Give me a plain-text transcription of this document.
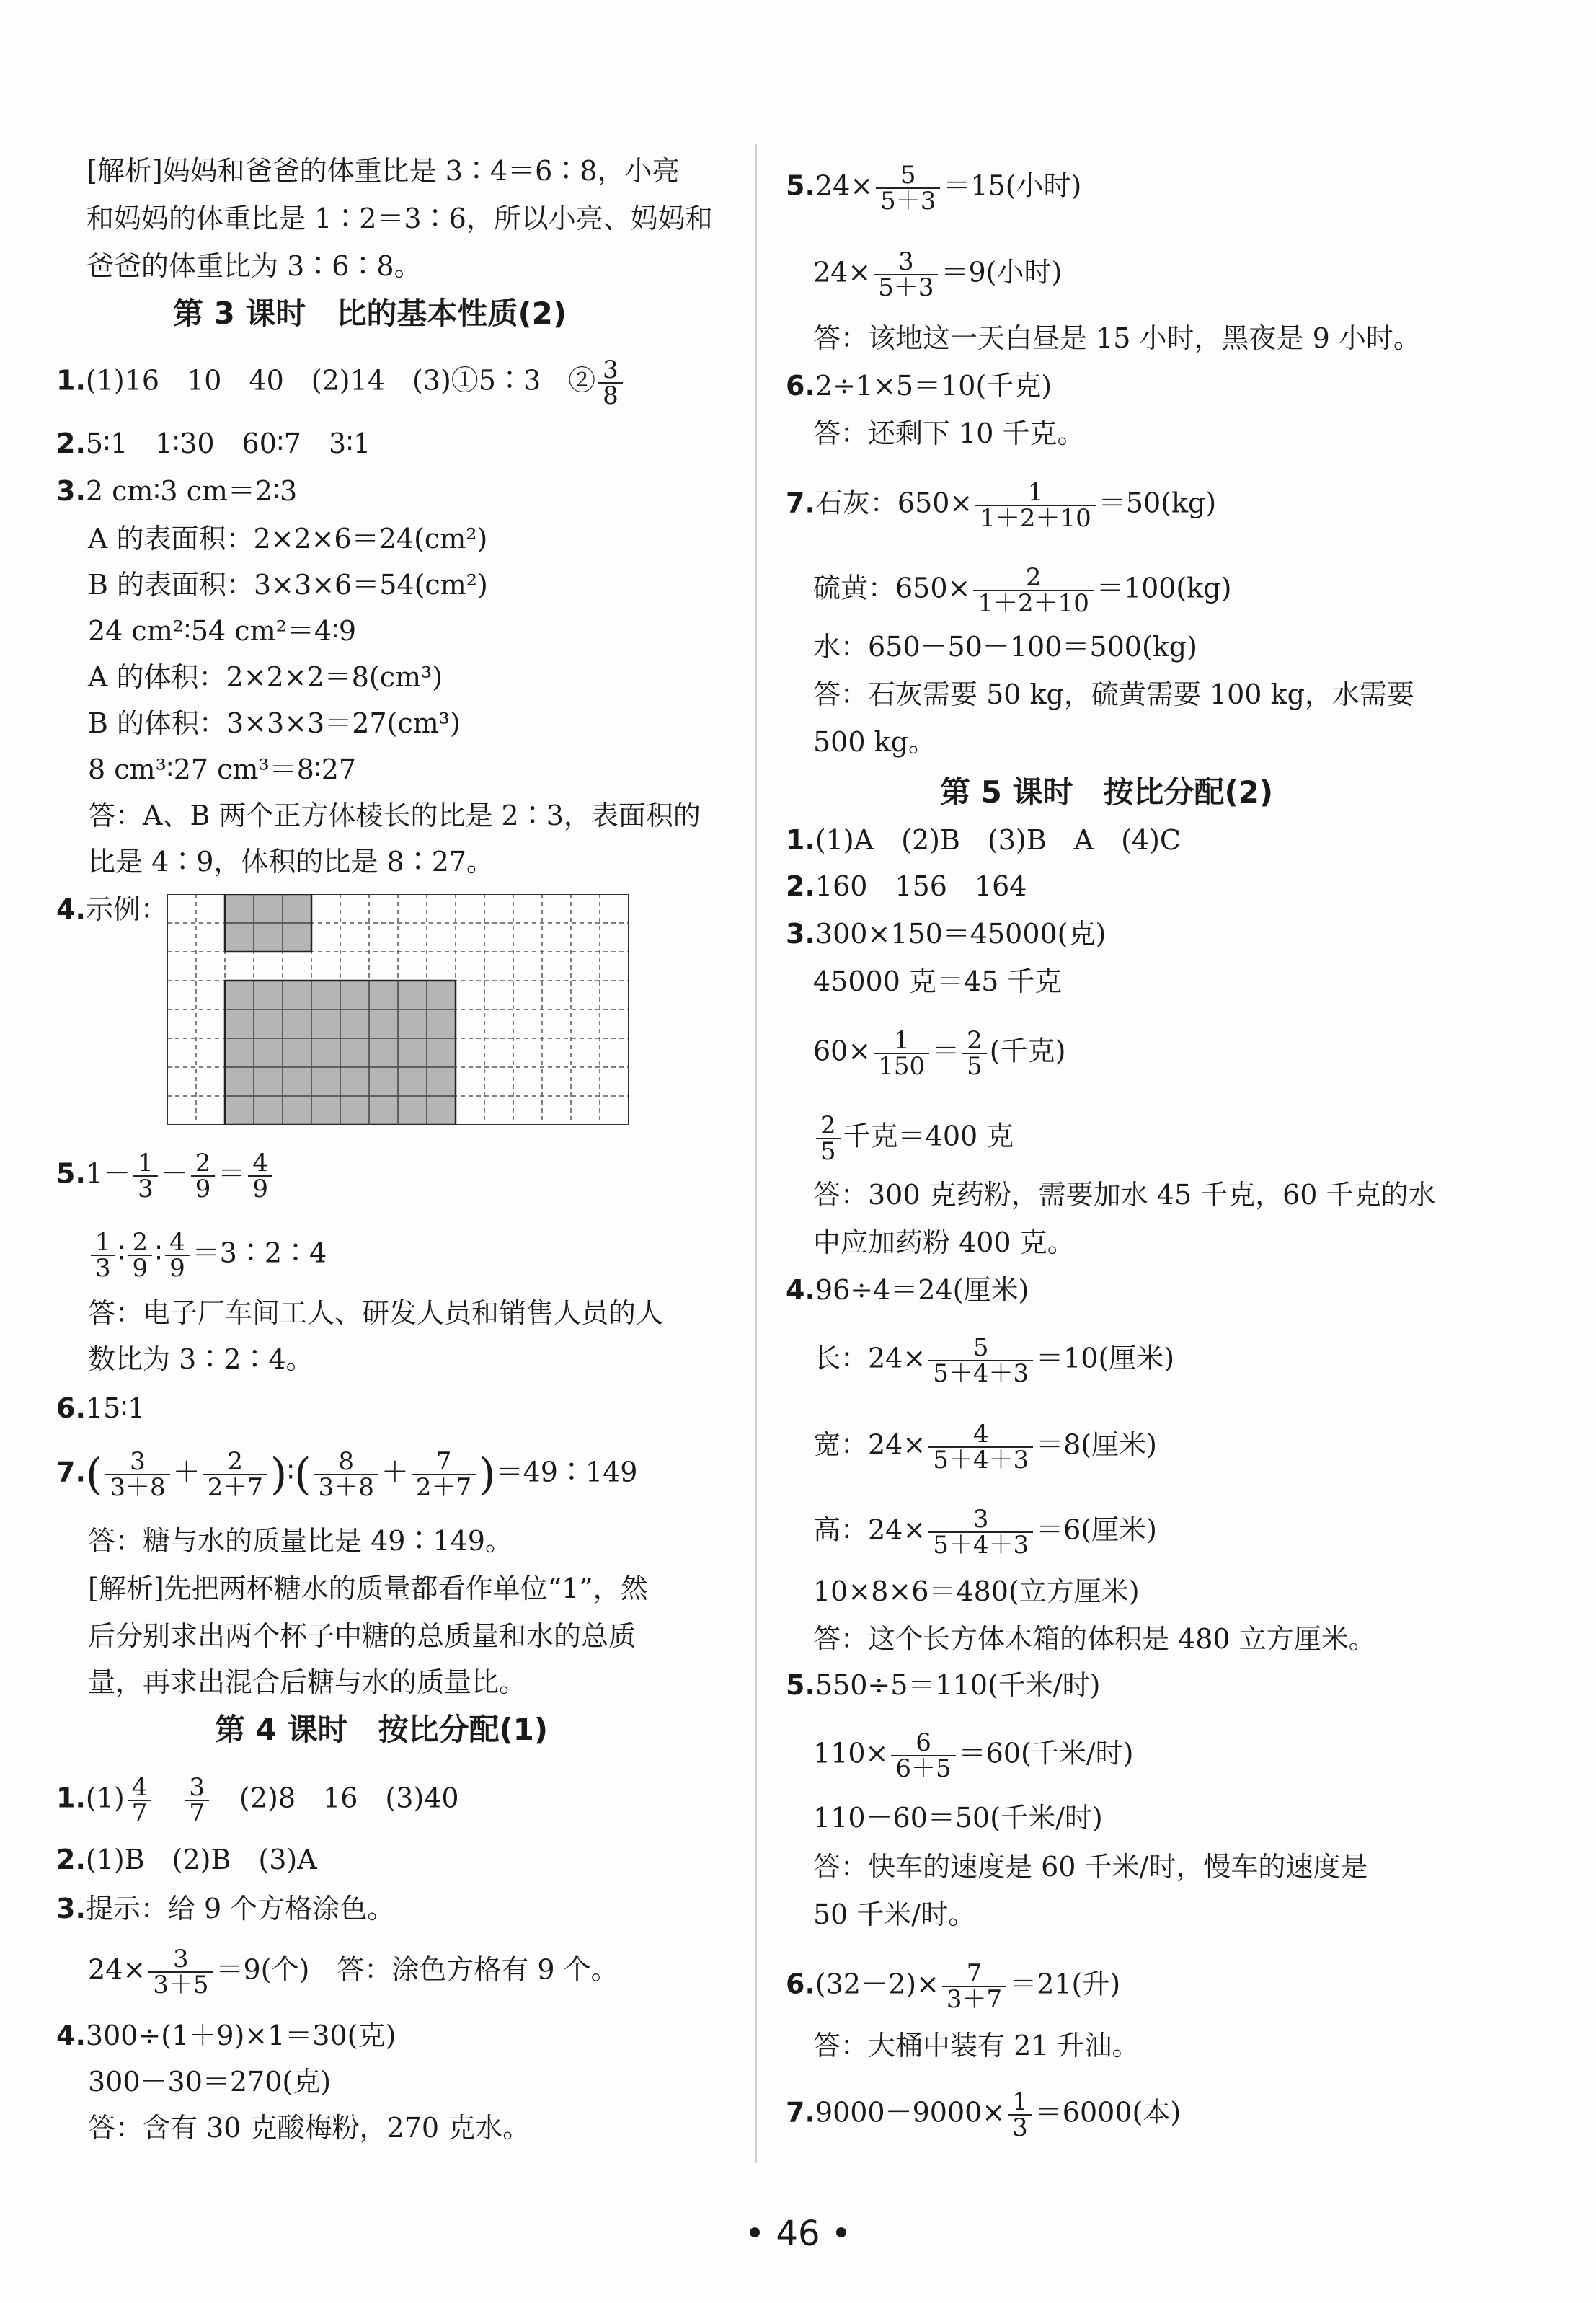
[解析]妈妈和爸爸的体重比是 3∶4＝6∶8，小亮
和妈妈的体重比是 1∶2＝3∶6，所以小亮、妈妈和
爸爸的体重比为 3∶6∶8。
第 3 课时　比的基本性质(2)
1.(1)16　10　40　(2)14　(3)①5∶3　② $\frac{3}{8}$
2.5∶1　1∶30　60∶7　3∶1
3.2 cm∶3 cm＝2∶3
A 的表面积：2×2×6＝24(cm²)
B 的表面积：3×3×6＝54(cm²)
24 cm²∶54 cm²＝4∶9
A 的体积：2×2×2＝8(cm³)
B 的体积：3×3×3＝27(cm³)
8 cm³∶27 cm³＝8∶27
答：A、B 两个正方体棱长的比是 2∶3，表面积的
比是 4∶9，体积的比是 8∶27。
4.示例：
$5.1- \frac{1}{3} - \frac{2}{9} = \frac{4}{9}$
$\frac{1}{3}$ ∶ $\frac{2}{9}$ ∶ $\frac{4}{9}$ ＝3∶2∶4
答：电子厂车间工人、研发人员和销售人员的人
数比为 3∶2∶4。
6.15∶1
$7.( \frac{3}{3+8} + \frac{2}{2+7}$ )∶( $\frac{8}{3+8} + \frac{7}{2+7}$ )＝49∶149
答：糖与水的质量比是 49∶149。
[解析]先把两杯糖水的质量都看作单位“1”，然
后分别求出两个杯子中糖的总质量和水的总质
量，再求出混合后糖与水的质量比。
第 4 课时　按比分配(1)
$1.(1) \frac{4}{7}$
　 $\frac{3}{7}$
　 (2)8　16　(3)40
2.(1)B　(2)B　(3)A
3.提示：给 9 个方格涂色。
$24\times \frac{3}{3+5} =9$(个)　答：涂色方格有 9 个。
4.300÷(1＋9)×1＝30(克)
300－30＝270(克)
答：含有 30 克酸梅粉，270 克水。
$5.24\times \frac{5}{5+3} =15$(小时)
$24\times \frac{3}{5+3} =9$(小时)
答：该地这一天白昼是 15 小时，黑夜是 9 小时。
6.2÷1×5＝10(千克)
答：还剩下 10 千克。
7.石灰：$650\times \frac{1}{1+2+10} =50(kg)$
硫黄：$650\times \frac{2}{1+2+10} =100(kg)$
水：650－50－100＝500(kg)
答：石灰需要 50 kg，硫黄需要 100 kg，水需要
500 kg。
第 5 课时　按比分配(2)
1.(1)A　(2)B　(3)B　A　(4)C
2.160　156　164
3.300×150＝45000(克)
45000 克＝45 千克
$60\times \frac{1}{150} = \frac{2}{5}$ (千克)
$\frac{2}{5}$ 千克＝400 克
答：300 克药粉，需要加水 45 千克，60 千克的水
中应加药粉 400 克。
4.96÷4＝24(厘米)
长：$24\times \frac{5}{5+4+3} =10$(厘米)
宽：$24\times \frac{4}{5+4+3} =8$(厘米)
高：$24\times \frac{3}{5+4+3} =6$(厘米)
10×8×6＝480(立方厘米)
答：这个长方体木箱的体积是 480 立方厘米。
5.550÷5＝110(千米/时)
$110\times \frac{6}{6+5} =60$(千米/时)
110－60＝50(千米/时)
答：快车的速度是 60 千米/时，慢车的速度是
50 千米/时。
$6.(32-2)\times \frac{7}{3+7} =21$(升)
答：大桶中装有 21 升油。
$7.9000-9000\times \frac{1}{3} =6000$(本)
• 46 •
